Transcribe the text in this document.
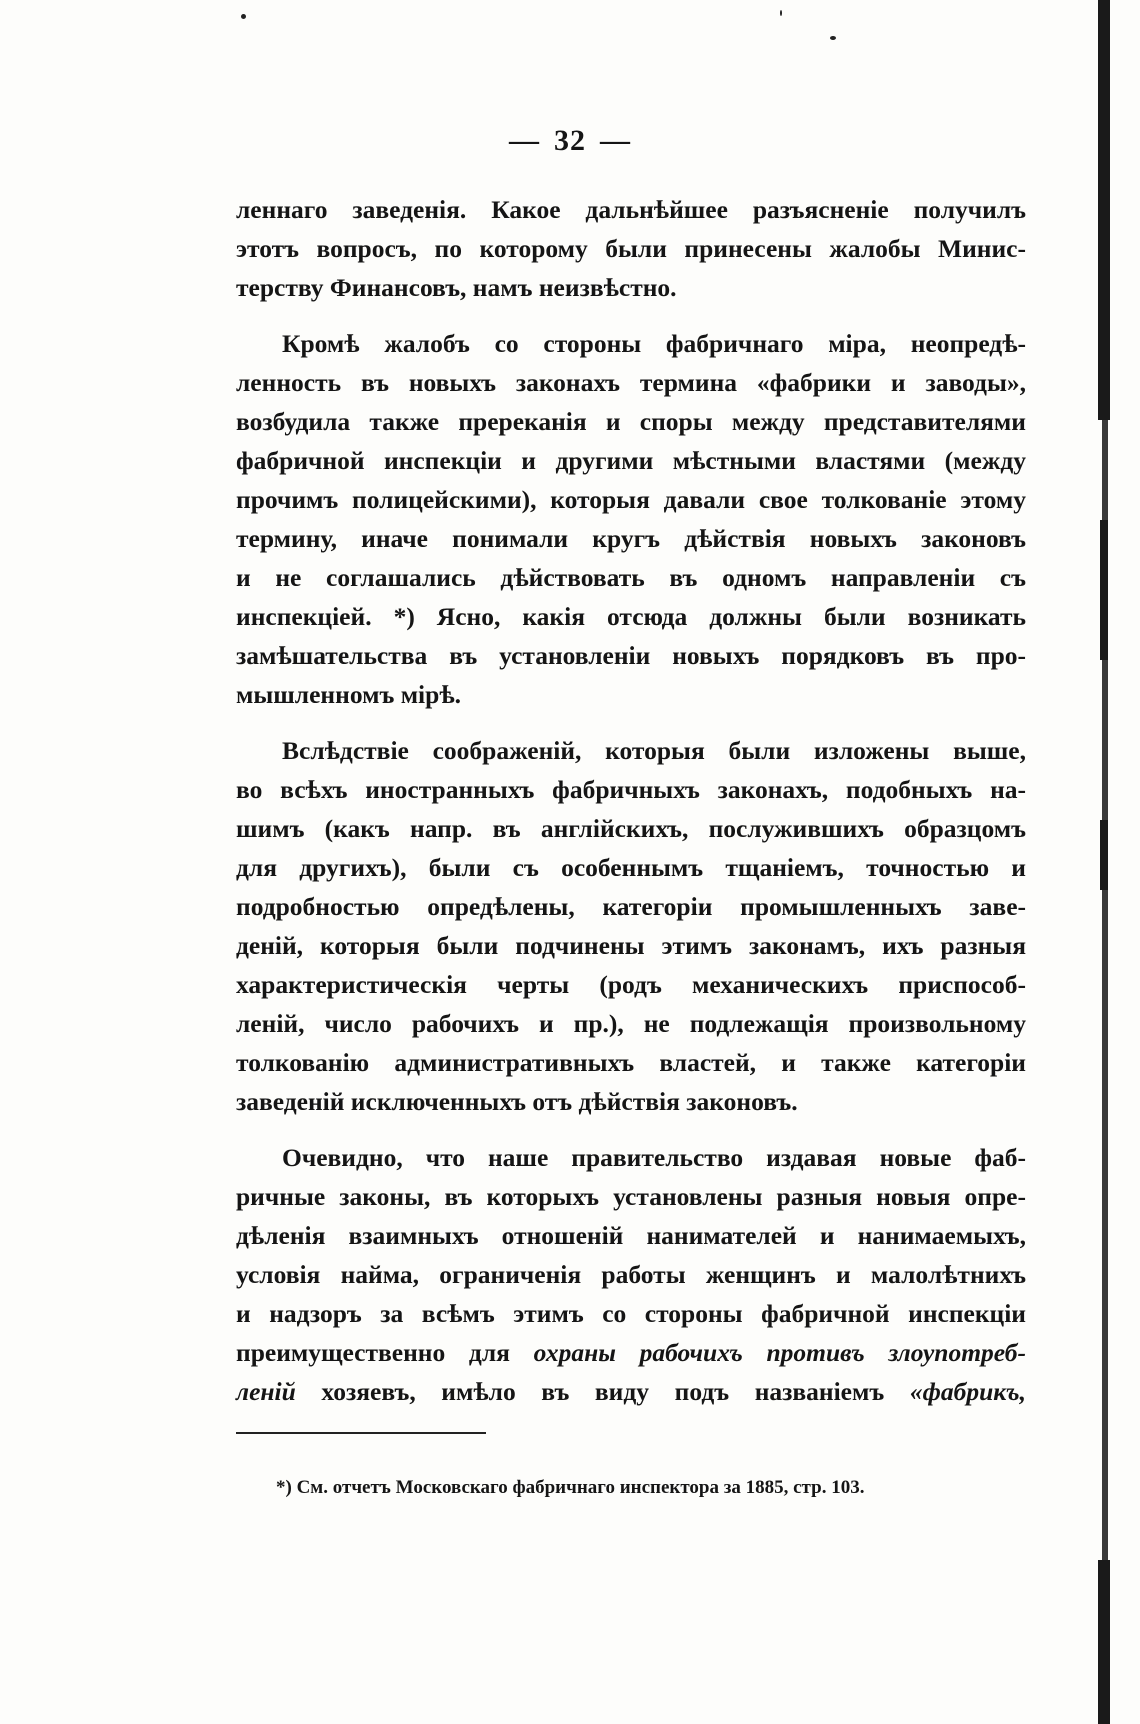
— 32 —
леннаго заведенія. Какое дальнѣйшее разъясненіе получилъ
этотъ вопросъ, по которому были принесены жалобы Минис-
терству Финансовъ, намъ неизвѣстно.
Кромѣ жалобъ со стороны фабричнаго міра, неопредѣ-
ленность въ новыхъ законахъ термина «фабрики и заводы»,
возбудила также пререканія и споры между представителями
фабричной инспекціи и другими мѣстными властями (между
прочимъ полицейскими), которыя давали свое толкованіе этому
термину, иначе понимали кругъ дѣйствія новыхъ законовъ
и не соглашались дѣйствовать въ одномъ направленіи съ
инспекціей. *) Ясно, какія отсюда должны были возникать
замѣшательства въ установленіи новыхъ порядковъ въ про-
мышленномъ мірѣ.
Вслѣдствіе соображеній, которыя были изложены выше,
во всѣхъ иностранныхъ фабричныхъ законахъ, подобныхъ на-
шимъ (какъ напр. въ англійскихъ, послужившихъ образцомъ
для другихъ), были съ особеннымъ тщаніемъ, точностью и
подробностью опредѣлены, категоріи промышленныхъ заве-
деній, которыя были подчинены этимъ законамъ, ихъ разныя
характеристическія черты (родъ механическихъ приспособ-
леній, число рабочихъ и пр.), не подлежащія произвольному
толкованію административныхъ властей, и также категоріи
заведеній исключенныхъ отъ дѣйствія законовъ.
Очевидно, что наше правительство издавая новые фаб-
ричные законы, въ которыхъ установлены разныя новыя опре-
дѣленія взаимныхъ отношеній нанимателей и нанимаемыхъ,
условія найма, ограниченія работы женщинъ и малолѣтнихъ
и надзоръ за всѣмъ этимъ со стороны фабричной инспекціи
преимущественно для охраны рабочихъ противъ злоупотреб-
леній хозяевъ, имѣло въ виду подъ названіемъ «фабрикъ,
*) См. отчетъ Московскаго фабричнаго инспектора за 1885, стр. 103.
